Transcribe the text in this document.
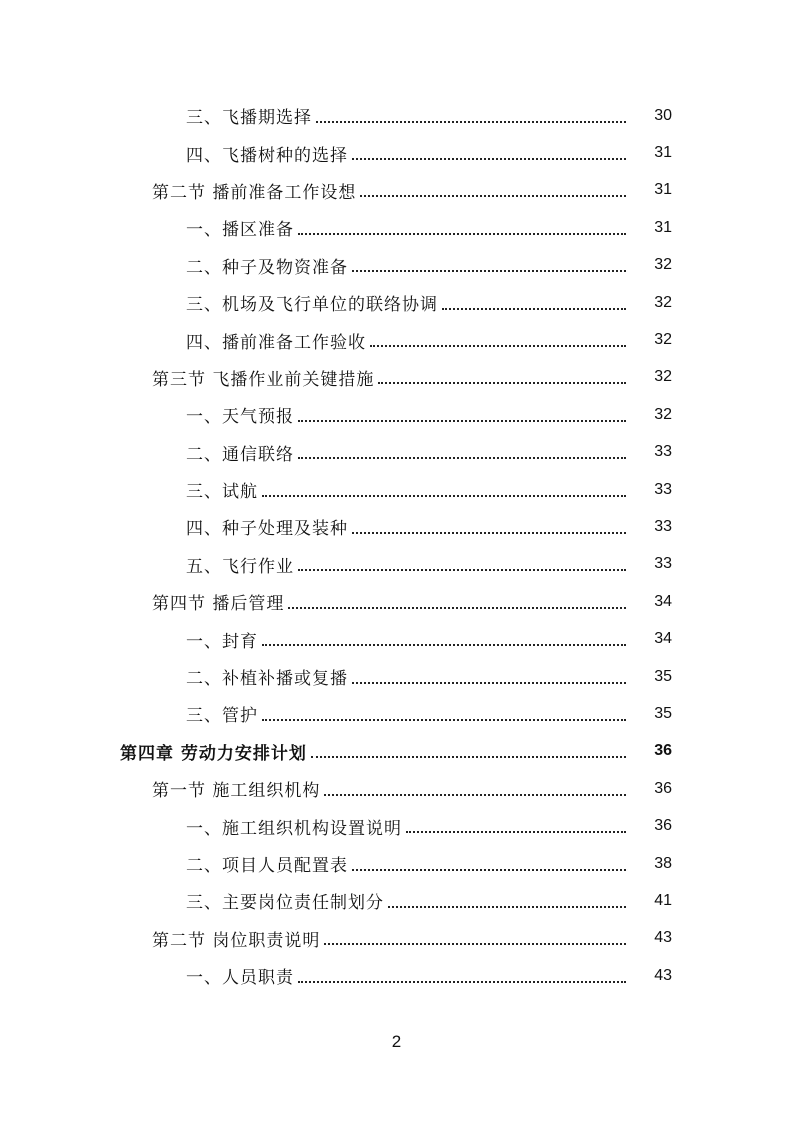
三、飞播期选择	30
四、飞播树种的选择	31
第二节 播前准备工作设想	31
一、播区准备	31
二、种子及物资准备	32
三、机场及飞行单位的联络协调	32
四、播前准备工作验收	32
第三节 飞播作业前关键措施	32
一、天气预报	32
二、通信联络	33
三、试航	33
四、种子处理及装种	33
五、飞行作业	33
第四节 播后管理	34
一、封育	34
二、补植补播或复播	35
三、管护	35
第四章 劳动力安排计划	36
第一节 施工组织机构	36
一、施工组织机构设置说明	36
二、项目人员配置表	38
三、主要岗位责任制划分	41
第二节 岗位职责说明	43
一、人员职责	43
2
